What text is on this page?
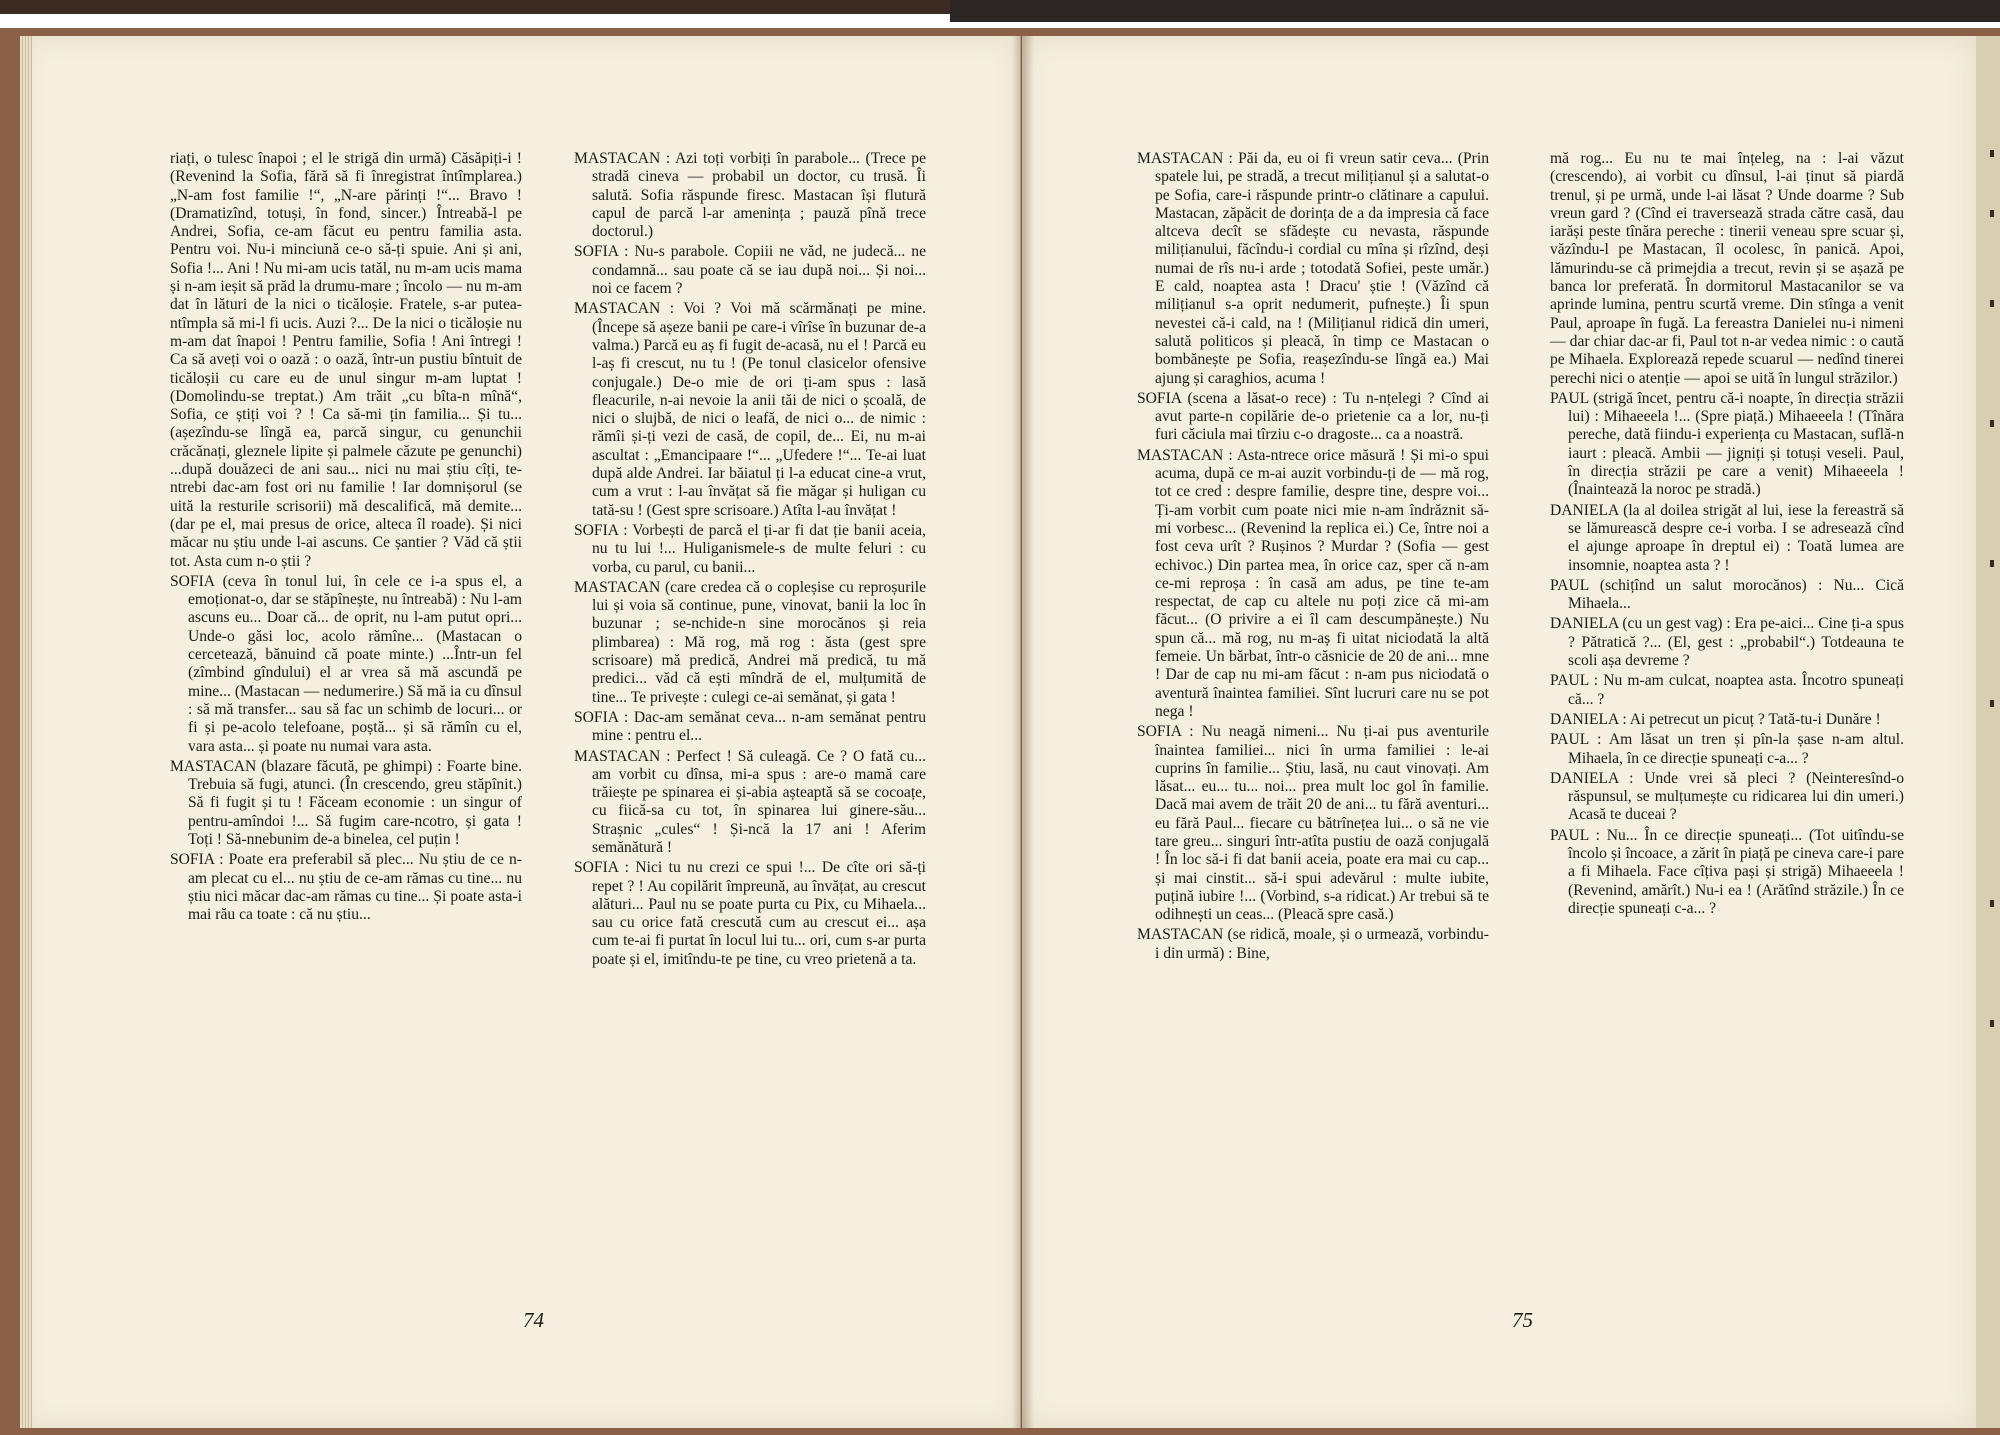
riați, o tulesc înapoi ; el le strigă din urmă) Căsăpiți-i ! (Revenind la Sofia, fără să fi înregistrat întîmplarea.) „N-am fost familie !“, „N-are părinți !“... Bravo ! (Dramatizînd, totuși, în fond, sincer.) Întreabă-l pe Andrei, Sofia, ce-am făcut eu pentru familia asta. Pentru voi. Nu-i minciună ce-o să-ți spuie. Ani și ani, Sofia !... Ani ! Nu mi-am ucis tatăl, nu m-am ucis mama și n-am ieșit să prăd la drumu-mare ; încolo — nu m-am dat în lături de la nici o ticăloșie. Fratele, s-ar putea-ntîmpla să mi-l fi ucis. Auzi ?... De la nici o ticăloșie nu m-am dat înapoi ! Pentru familie, Sofia ! Ani întregi ! Ca să aveți voi o oază : o oază, într-un pustiu bîntuit de ticăloșii cu care eu de unul singur m-am luptat ! (Domolindu-se treptat.) Am trăit „cu bîta-n mînă“, Sofia, ce știți voi ? ! Ca să-mi țin familia... Și tu... (așezîndu-se lîngă ea, parcă singur, cu genunchii crăcănați, gleznele lipite și palmele căzute pe genunchi) ...după douăzeci de ani sau... nici nu mai știu cîți, te-ntrebi dac-am fost ori nu familie ! Iar domnișorul (se uită la resturile scrisorii) mă descalifică, mă demite... (dar pe el, mai presus de orice, alteca îl roade). Și nici măcar nu știu unde l-ai ascuns. Ce șantier ? Văd că știi tot. Asta cum n-o știi ?

SOFIA (ceva în tonul lui, în cele ce i-a spus el, a emoționat-o, dar se stăpînește, nu întreabă) : Nu l-am ascuns eu... Doar că... de oprit, nu l-am putut opri... Unde-o găsi loc, acolo rămîne... (Mastacan o cercetează, bănuind că poate minte.) ...Într-un fel (zîmbind gîndului) el ar vrea să mă ascundă pe mine... (Mastacan — nedumerire.) Să mă ia cu dînsul : să mă transfer... sau să fac un schimb de locuri... or fi și pe-acolo telefoane, poștă... și să rămîn cu el, vara asta... și poate nu numai vara asta.

MASTACAN (blazare făcută, pe ghimpi) : Foarte bine. Trebuia să fugi, atunci. (În crescendo, greu stăpînit.) Să fi fugit și tu ! Făceam economie : un singur of pentru-amîndoi !... Să fugim care-ncotro, și gata ! Toți ! Să-nnebunim de-a binelea, cel puțin !

SOFIA : Poate era preferabil să plec... Nu știu de ce n-am plecat cu el... nu știu de ce-am rămas cu tine... nu știu nici măcar dac-am rămas cu tine... Și poate asta-i mai rău ca toate : că nu știu...

MASTACAN : Azi toți vorbiți în parabole... (Trece pe stradă cineva — probabil un doctor, cu trusă. Îi salută. Sofia răspunde firesc. Mastacan își flutură capul de parcă l-ar amenința ; pauză pînă trece doctorul.)

SOFIA : Nu-s parabole. Copiii ne văd, ne judecă... ne condamnă... sau poate că se iau după noi... Și noi... noi ce facem ?

MASTACAN : Voi ? Voi mă scărmănați pe mine. (Începe să așeze banii pe care-i vîrîse în buzunar de-a valma.) Parcă eu aș fi fugit de-acasă, nu el ! Parcă eu l-aș fi crescut, nu tu ! (Pe tonul clasicelor ofensive conjugale.) De-o mie de ori ți-am spus : lasă fleacurile, n-ai nevoie la anii tăi de nici o școală, de nici o slujbă, de nici o leafă, de nici o... de nimic : rămîi și-ți vezi de casă, de copil, de... Ei, nu m-ai ascultat : „Emancipaare !“... „Ufedere !“... Te-ai luat după alde Andrei. Iar băiatul ți l-a educat cine-a vrut, cum a vrut : l-au învățat să fie măgar și huligan cu tată-su ! (Gest spre scrisoare.) Atîta l-au învățat !

SOFIA : Vorbești de parcă el ți-ar fi dat ție banii aceia, nu tu lui !... Huliganismele-s de multe feluri : cu vorba, cu parul, cu banii...

MASTACAN (care credea că o copleșise cu reproșurile lui și voia să continue, pune, vinovat, banii la loc în buzunar ; se-nchide-n sine morocănos și reia plimbarea) : Mă rog, mă rog : ăsta (gest spre scrisoare) mă predică, Andrei mă predică, tu mă predici... văd că ești mîndră de el, mulțumită de tine... Te privește : culegi ce-ai semănat, și gata !

SOFIA : Dac-am semănat ceva... n-am semănat pentru mine : pentru el...

MASTACAN : Perfect ! Să culeagă. Ce ? O fată cu... am vorbit cu dînsa, mi-a spus : are-o mamă care trăiește pe spinarea ei și-abia așteaptă să se cocoațe, cu fiică-sa cu tot, în spinarea lui ginere-său... Strașnic „cules“ ! Și-ncă la 17 ani ! Aferim semănătură !

SOFIA : Nici tu nu crezi ce spui !... De cîte ori să-ți repet ? ! Au copilărit împreună, au învățat, au crescut alături... Paul nu se poate purta cu Pix, cu Mihaela... sau cu orice fată crescută cum au crescut ei... așa cum te-ai fi purtat în locul lui tu... ori, cum s-ar purta poate și el, imitîndu-te pe tine, cu vreo prietenă a ta.

MASTACAN : Păi da, eu oi fi vreun satir ceva... (Prin spatele lui, pe stradă, a trecut milițianul și a salutat-o pe Sofia, care-i răspunde printr-o clătinare a capului. Mastacan, zăpăcit de dorința de a da impresia că face altceva decît se sfădește cu nevasta, răspunde milițianului, făcîndu-i cordial cu mîna și rîzînd, deși numai de rîs nu-i arde ; totodată Sofiei, peste umăr.) E cald, noaptea asta ! Dracu' știe ! (Văzînd că milițianul s-a oprit nedumerit, pufnește.) Îi spun nevestei că-i cald, na ! (Milițianul ridică din umeri, salută politicos și pleacă, în timp ce Mastacan o bombănește pe Sofia, reașezîndu-se lîngă ea.) Mai ajung și caraghios, acuma !

SOFIA (scena a lăsat-o rece) : Tu n-nțelegi ? Cînd ai avut parte-n copilărie de-o prietenie ca a lor, nu-ți furi căciula mai tîrziu c-o dragoste... ca a noastră.

MASTACAN : Asta-ntrece orice măsură ! Și mi-o spui acuma, după ce m-ai auzit vorbindu-ți de — mă rog, tot ce cred : despre familie, despre tine, despre voi... Ți-am vorbit cum poate nici mie n-am îndrăznit să-mi vorbesc... (Revenind la replica ei.) Ce, între noi a fost ceva urît ? Rușinos ? Murdar ? (Sofia — gest echivoc.) Din partea mea, în orice caz, sper că n-am ce-mi reproșa : în casă am adus, pe tine te-am respectat, de cap cu altele nu poți zice că mi-am făcut... (O privire a ei îl cam descumpănește.) Nu spun că... mă rog, nu m-aș fi uitat niciodată la altă femeie. Un bărbat, într-o căsnicie de 20 de ani... mne ! Dar de cap nu mi-am făcut : n-am pus niciodată o aventură înaintea familiei. Sînt lucruri care nu se pot nega !

SOFIA : Nu neagă nimeni... Nu ți-ai pus aventurile înaintea familiei... nici în urma familiei : le-ai cuprins în familie... Știu, lasă, nu caut vinovați. Am lăsat... eu... tu... noi... prea mult loc gol în familie. Dacă mai avem de trăit 20 de ani... tu fără aventuri... eu fără Paul... fiecare cu bătrînețea lui... o să ne vie tare greu... singuri într-atîta pustiu de oază conjugală ! În loc să-i fi dat banii aceia, poate era mai cu cap... și mai cinstit... să-i spui adevărul : multe iubite, puțină iubire !... (Vorbind, s-a ridicat.) Ar trebui să te odihnești un ceas... (Pleacă spre casă.)

MASTACAN (se ridică, moale, și o urmează, vorbindu-i din urmă) : Bine,

mă rog... Eu nu te mai înțeleg, na : l-ai văzut (crescendo), ai vorbit cu dînsul, l-ai ținut să piardă trenul, și pe urmă, unde l-ai lăsat ? Unde doarme ? Sub vreun gard ? (Cînd ei traversează strada către casă, dau iarăși peste tînăra pereche : tinerii veneau spre scuar și, văzîndu-l pe Mastacan, îl ocolesc, în panică. Apoi, lămurindu-se că primejdia a trecut, revin și se așază pe banca lor preferată. În dormitorul Mastacanilor se va aprinde lumina, pentru scurtă vreme. Din stînga a venit Paul, aproape în fugă. La fereastra Danielei nu-i nimeni — dar chiar dac-ar fi, Paul tot n-ar vedea nimic : o caută pe Mihaela. Explorează repede scuarul — nedînd tinerei perechi nici o atenție — apoi se uită în lungul străzilor.)

PAUL (strigă încet, pentru că-i noapte, în direcția străzii lui) : Mihaeeela !... (Spre piață.) Mihaeeela ! (Tînăra pereche, dată fiindu-i experiența cu Mastacan, suflă-n iaurt : pleacă. Ambii — jigniți și totuși veseli. Paul, în direcția străzii pe care a venit) Mihaeeela ! (Înaintează la noroc pe stradă.)

DANIELA (la al doilea strigăt al lui, iese la fereastră să se lămurească despre ce-i vorba. I se adresează cînd el ajunge aproape în dreptul ei) : Toată lumea are insomnie, noaptea asta ? !

PAUL (schițînd un salut morocănos) : Nu... Cică Mihaela...

DANIELA (cu un gest vag) : Era pe-aici... Cine ți-a spus ? Pătratică ?... (El, gest : „probabil“.) Totdeauna te scoli așa devreme ?

PAUL : Nu m-am culcat, noaptea asta. Încotro spuneați că... ?

DANIELA : Ai petrecut un picuț ? Tată-tu-i Dunăre !

PAUL : Am lăsat un tren și pîn-la șase n-am altul. Mihaela, în ce direcție spuneați c-a... ?

DANIELA : Unde vrei să pleci ? (Neinteresînd-o răspunsul, se mulțumește cu ridicarea lui din umeri.) Acasă te duceai ?

PAUL : Nu... În ce direcție spuneați... (Tot uitîndu-se încolo și încoace, a zărit în piață pe cineva care-i pare a fi Mihaela. Face cîțiva pași și strigă) Mihaeeela ! (Revenind, amărît.) Nu-i ea ! (Arătînd străzile.) În ce direcție spuneați c-a... ?

74	75
